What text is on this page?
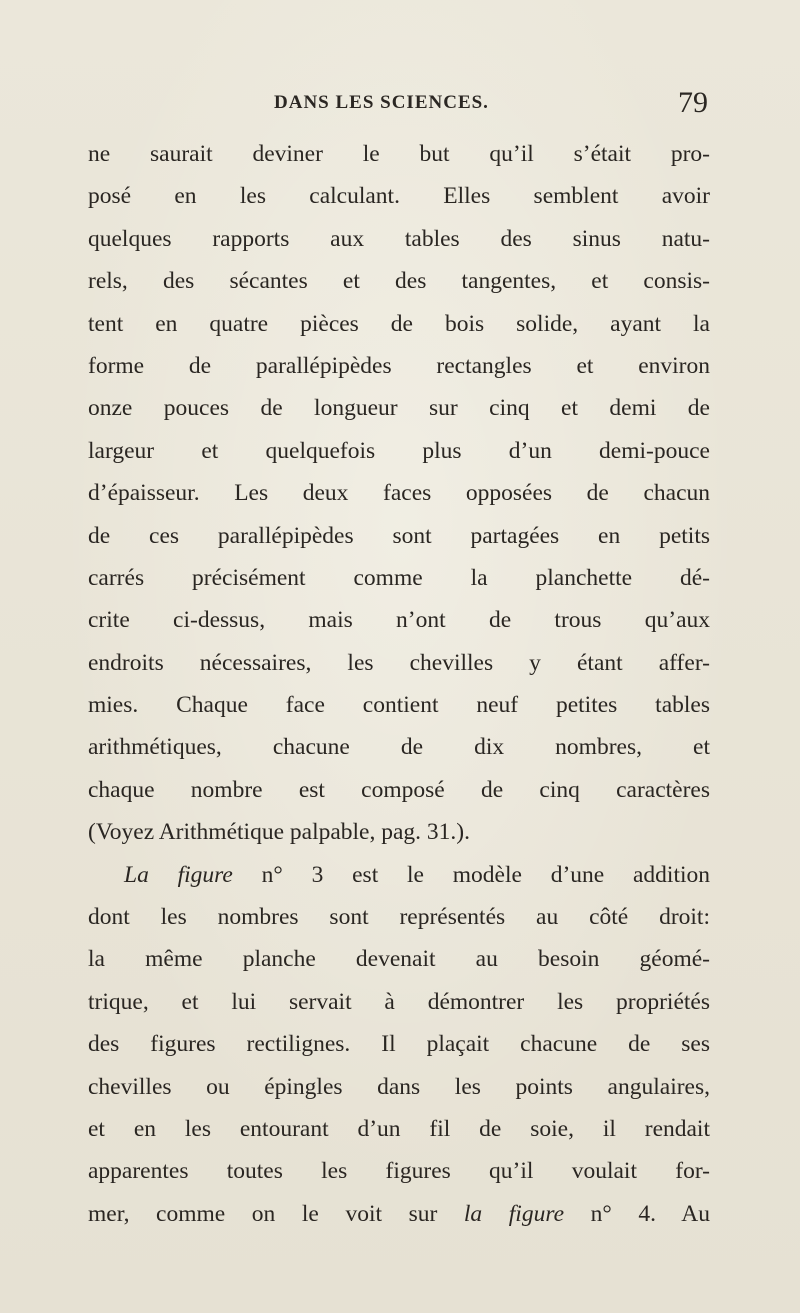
DANS LES SCIENCES.	79
ne saurait deviner le but qu’il s’était pro-
posé en les calculant. Elles semblent avoir
quelques rapports aux tables des sinus natu-
rels, des sécantes et des tangentes, et consis-
tent en quatre pièces de bois solide, ayant la
forme de parallépipèdes rectangles et environ
onze pouces de longueur sur cinq et demi de
largeur et quelquefois plus d’un demi-pouce
d’épaisseur. Les deux faces opposées de chacun
de ces parallépipèdes sont partagées en petits
carrés précisément comme la planchette dé-
crite ci-dessus, mais n’ont de trous qu’aux
endroits nécessaires, les chevilles y étant affer-
mies. Chaque face contient neuf petites tables
arithmétiques, chacune de dix nombres, et
chaque nombre est composé de cinq caractères
(Voyez Arithmétique palpable, pag. 31.).
La figure n° 3 est le modèle d’une addition
dont les nombres sont représentés au côté droit:
la même planche devenait au besoin géomé-
trique, et lui servait à démontrer les propriétés
des figures rectilignes. Il plaçait chacune de ses
chevilles ou épingles dans les points angulaires,
et en les entourant d’un fil de soie, il rendait
apparentes toutes les figures qu’il voulait for-
mer, comme on le voit sur la figure n° 4. Au
